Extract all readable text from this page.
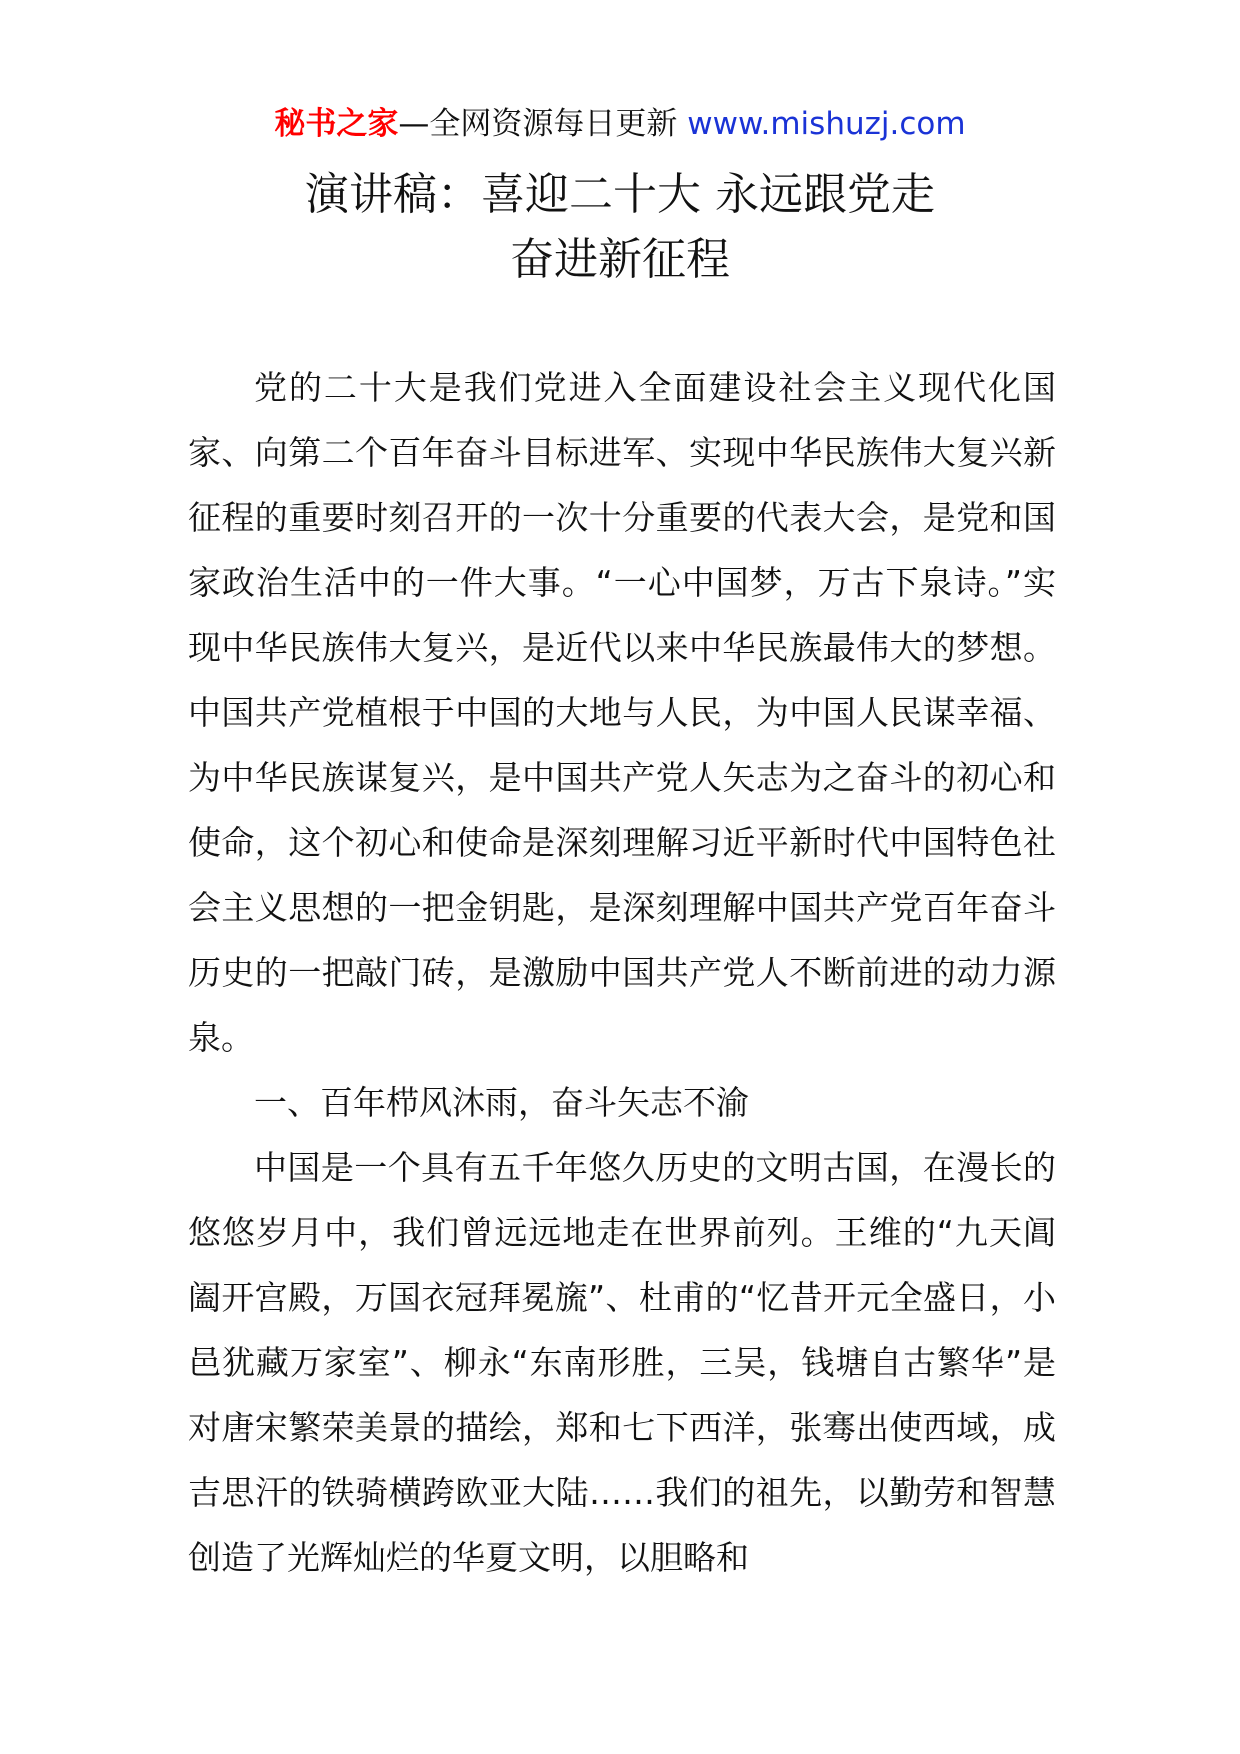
秘书之家—全网资源每日更新 www.mishuzj.com
演讲稿：喜迎二十大 永远跟党走
奋进新征程

党的二十大是我们党进入全面建设社会主义现代化国家、向第二个百年奋斗目标进军、实现中华民族伟大复兴新征程的重要时刻召开的一次十分重要的代表大会，是党和国家政治生活中的一件大事。“一心中国梦，万古下泉诗。”实现中华民族伟大复兴，是近代以来中华民族最伟大的梦想。中国共产党植根于中国的大地与人民，为中国人民谋幸福、为中华民族谋复兴，是中国共产党人矢志为之奋斗的初心和使命，这个初心和使命是深刻理解习近平新时代中国特色社会主义思想的一把金钥匙，是深刻理解中国共产党百年奋斗历史的一把敲门砖，是激励中国共产党人不断前进的动力源泉。

一、百年栉风沐雨，奋斗矢志不渝

中国是一个具有五千年悠久历史的文明古国，在漫长的悠悠岁月中，我们曾远远地走在世界前列。王维的“九天阊阖开宫殿，万国衣冠拜冕旒”、杜甫的“忆昔开元全盛日，小邑犹藏万家室”、柳永“东南形胜，三吴，钱塘自古繁华”是对唐宋繁荣美景的描绘，郑和七下西洋，张骞出使西域，成吉思汗的铁骑横跨欧亚大陆……我们的祖先，以勤劳和智慧创造了光辉灿烂的华夏文明，以胆略和
